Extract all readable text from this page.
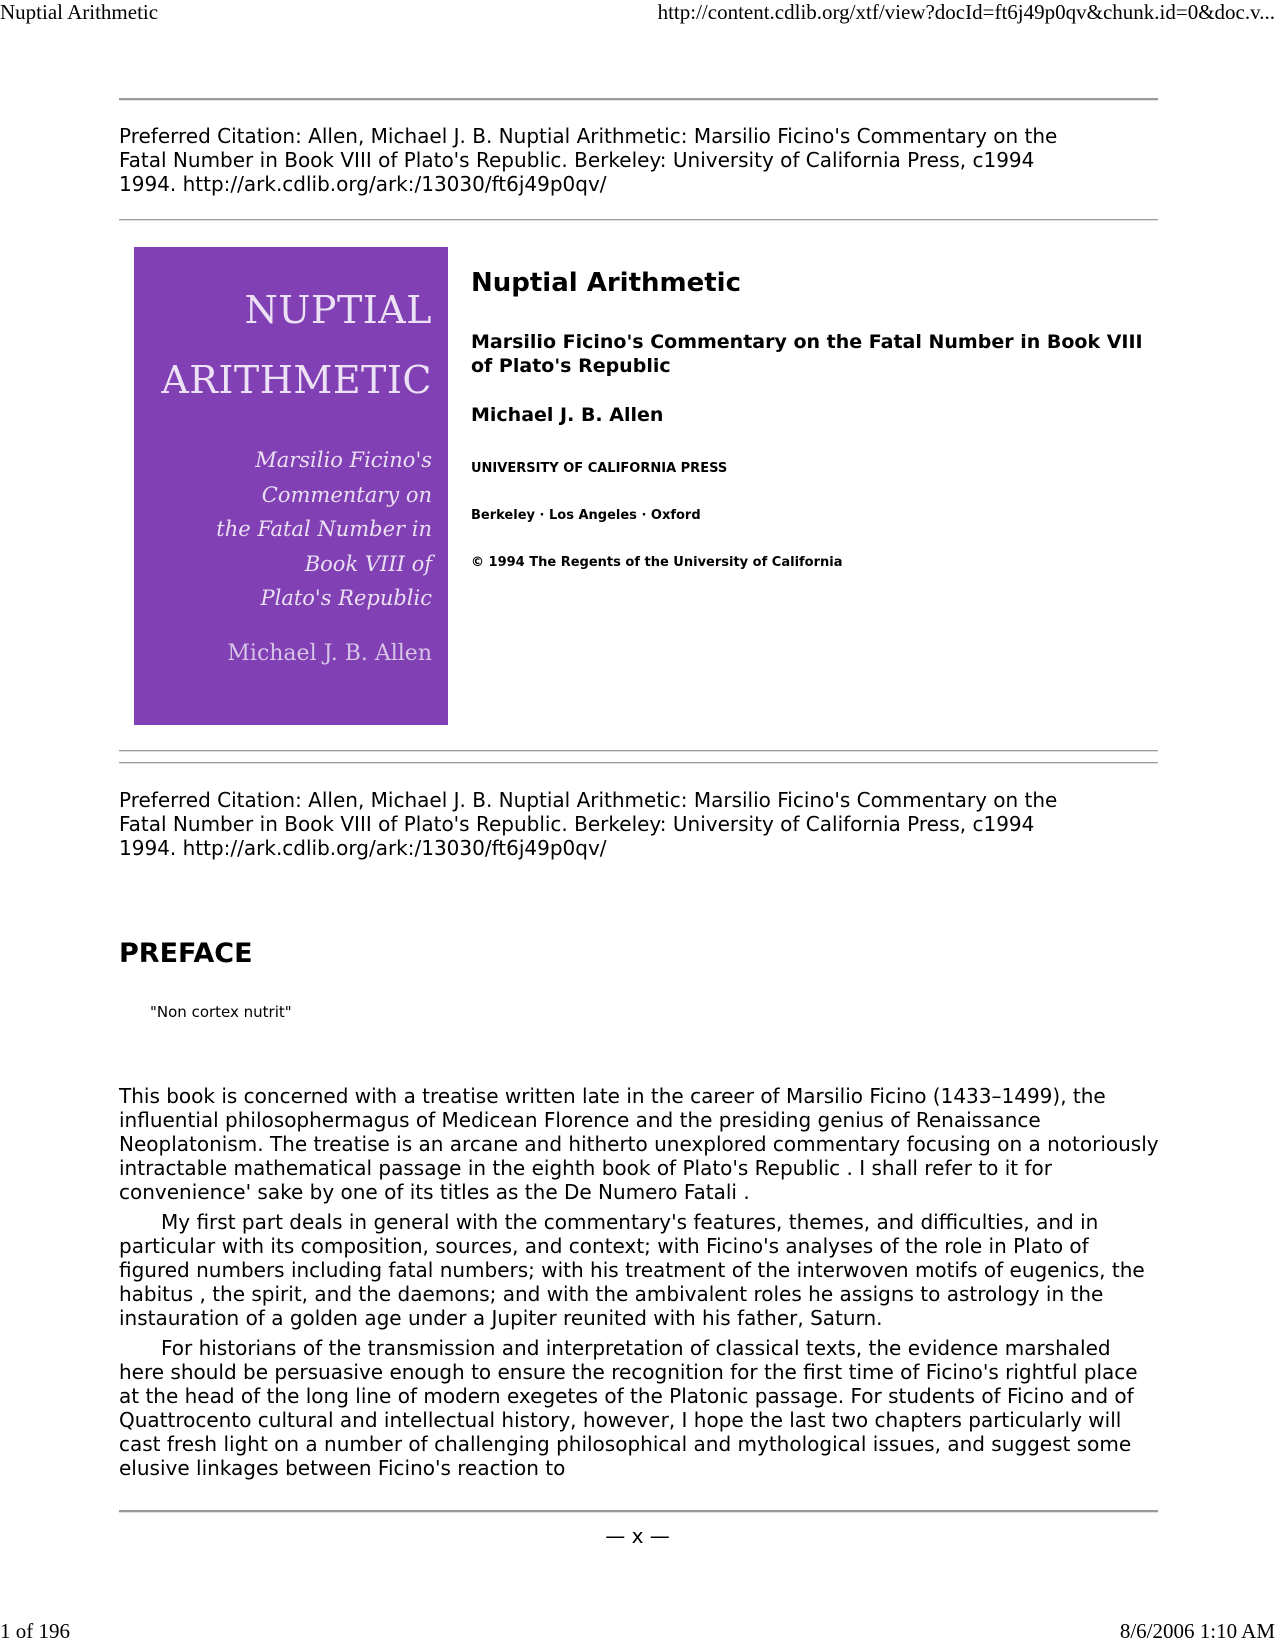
Nuptial Arithmetic	http://content.cdlib.org/xtf/view?docId=ft6j49p0qv&chunk.id=0&doc.v...
Preferred Citation: Allen, Michael J. B. Nuptial Arithmetic: Marsilio Ficino's Commentary on the
Fatal Number in Book VIII of Plato's Republic. Berkeley: University of California Press, c1994
1994. http://ark.cdlib.org/ark:/13030/ft6j49p0qv/
NUPTIAL
ARITHMETIC
Marsilio Ficino's
Commentary on
the Fatal Number in
Book VIII of
Plato's Republic
Michael J. B. Allen
Nuptial Arithmetic
Marsilio Ficino's Commentary on the Fatal Number in Book VIII of Plato's Republic
Michael J. B. Allen
UNIVERSITY OF CALIFORNIA PRESS
Berkeley · Los Angeles · Oxford
© 1994 The Regents of the University of California
Preferred Citation: Allen, Michael J. B. Nuptial Arithmetic: Marsilio Ficino's Commentary on the
Fatal Number in Book VIII of Plato's Republic. Berkeley: University of California Press, c1994
1994. http://ark.cdlib.org/ark:/13030/ft6j49p0qv/
PREFACE
"Non cortex nutrit"

This book is concerned with a treatise written late in the career of Marsilio Ficino (1433–1499), the influential philosophermagus of Medicean Florence and the presiding genius of Renaissance Neoplatonism. The treatise is an arcane and hitherto unexplored commentary focusing on a notoriously intractable mathematical passage in the eighth book of Plato's Republic . I shall refer to it for convenience' sake by one of its titles as the De Numero Fatali .

My first part deals in general with the commentary's features, themes, and difficulties, and in particular with its composition, sources, and context; with Ficino's analyses of the role in Plato of figured numbers including fatal numbers; with his treatment of the interwoven motifs of eugenics, the habitus , the spirit, and the daemons; and with the ambivalent roles he assigns to astrology in the instauration of a golden age under a Jupiter reunited with his father, Saturn.

For historians of the transmission and interpretation of classical texts, the evidence marshaled here should be persuasive enough to ensure the recognition for the first time of Ficino's rightful place at the head of the long line of modern exegetes of the Platonic passage. For students of Ficino and of Quattrocento cultural and intellectual history, however, I hope the last two chapters particularly will cast fresh light on a number of challenging philosophical and mythological issues, and suggest some elusive linkages between Ficino's reaction to

— x —
1 of 196	8/6/2006 1:10 AM
